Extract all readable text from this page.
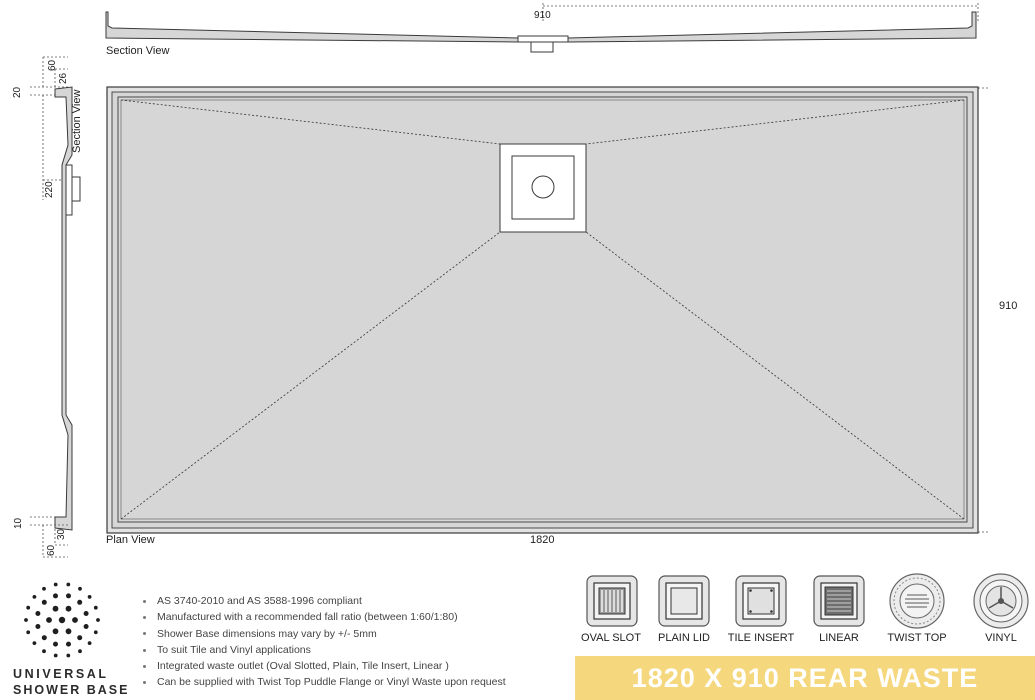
910
Section View
60
26
20
220
10
30
60
Section View
910
Plan View	1820
UNIVERSAL
SHOWER BASE
AS 3740-2010 and AS 3588-1996 compliant
Manufactured with a recommended fall ratio (between 1:60/1:80)
Shower Base dimensions may vary by +/- 5mm
To suit Tile and Vinyl applications
Integrated waste outlet (Oval Slotted, Plain, Tile Insert, Linear )
Can be supplied with Twist Top Puddle Flange or Vinyl Waste upon request
OVAL SLOT	PLAIN LID	TILE INSERT	LINEAR	TWIST TOP	VINYL
1820 X 910 REAR WASTE
